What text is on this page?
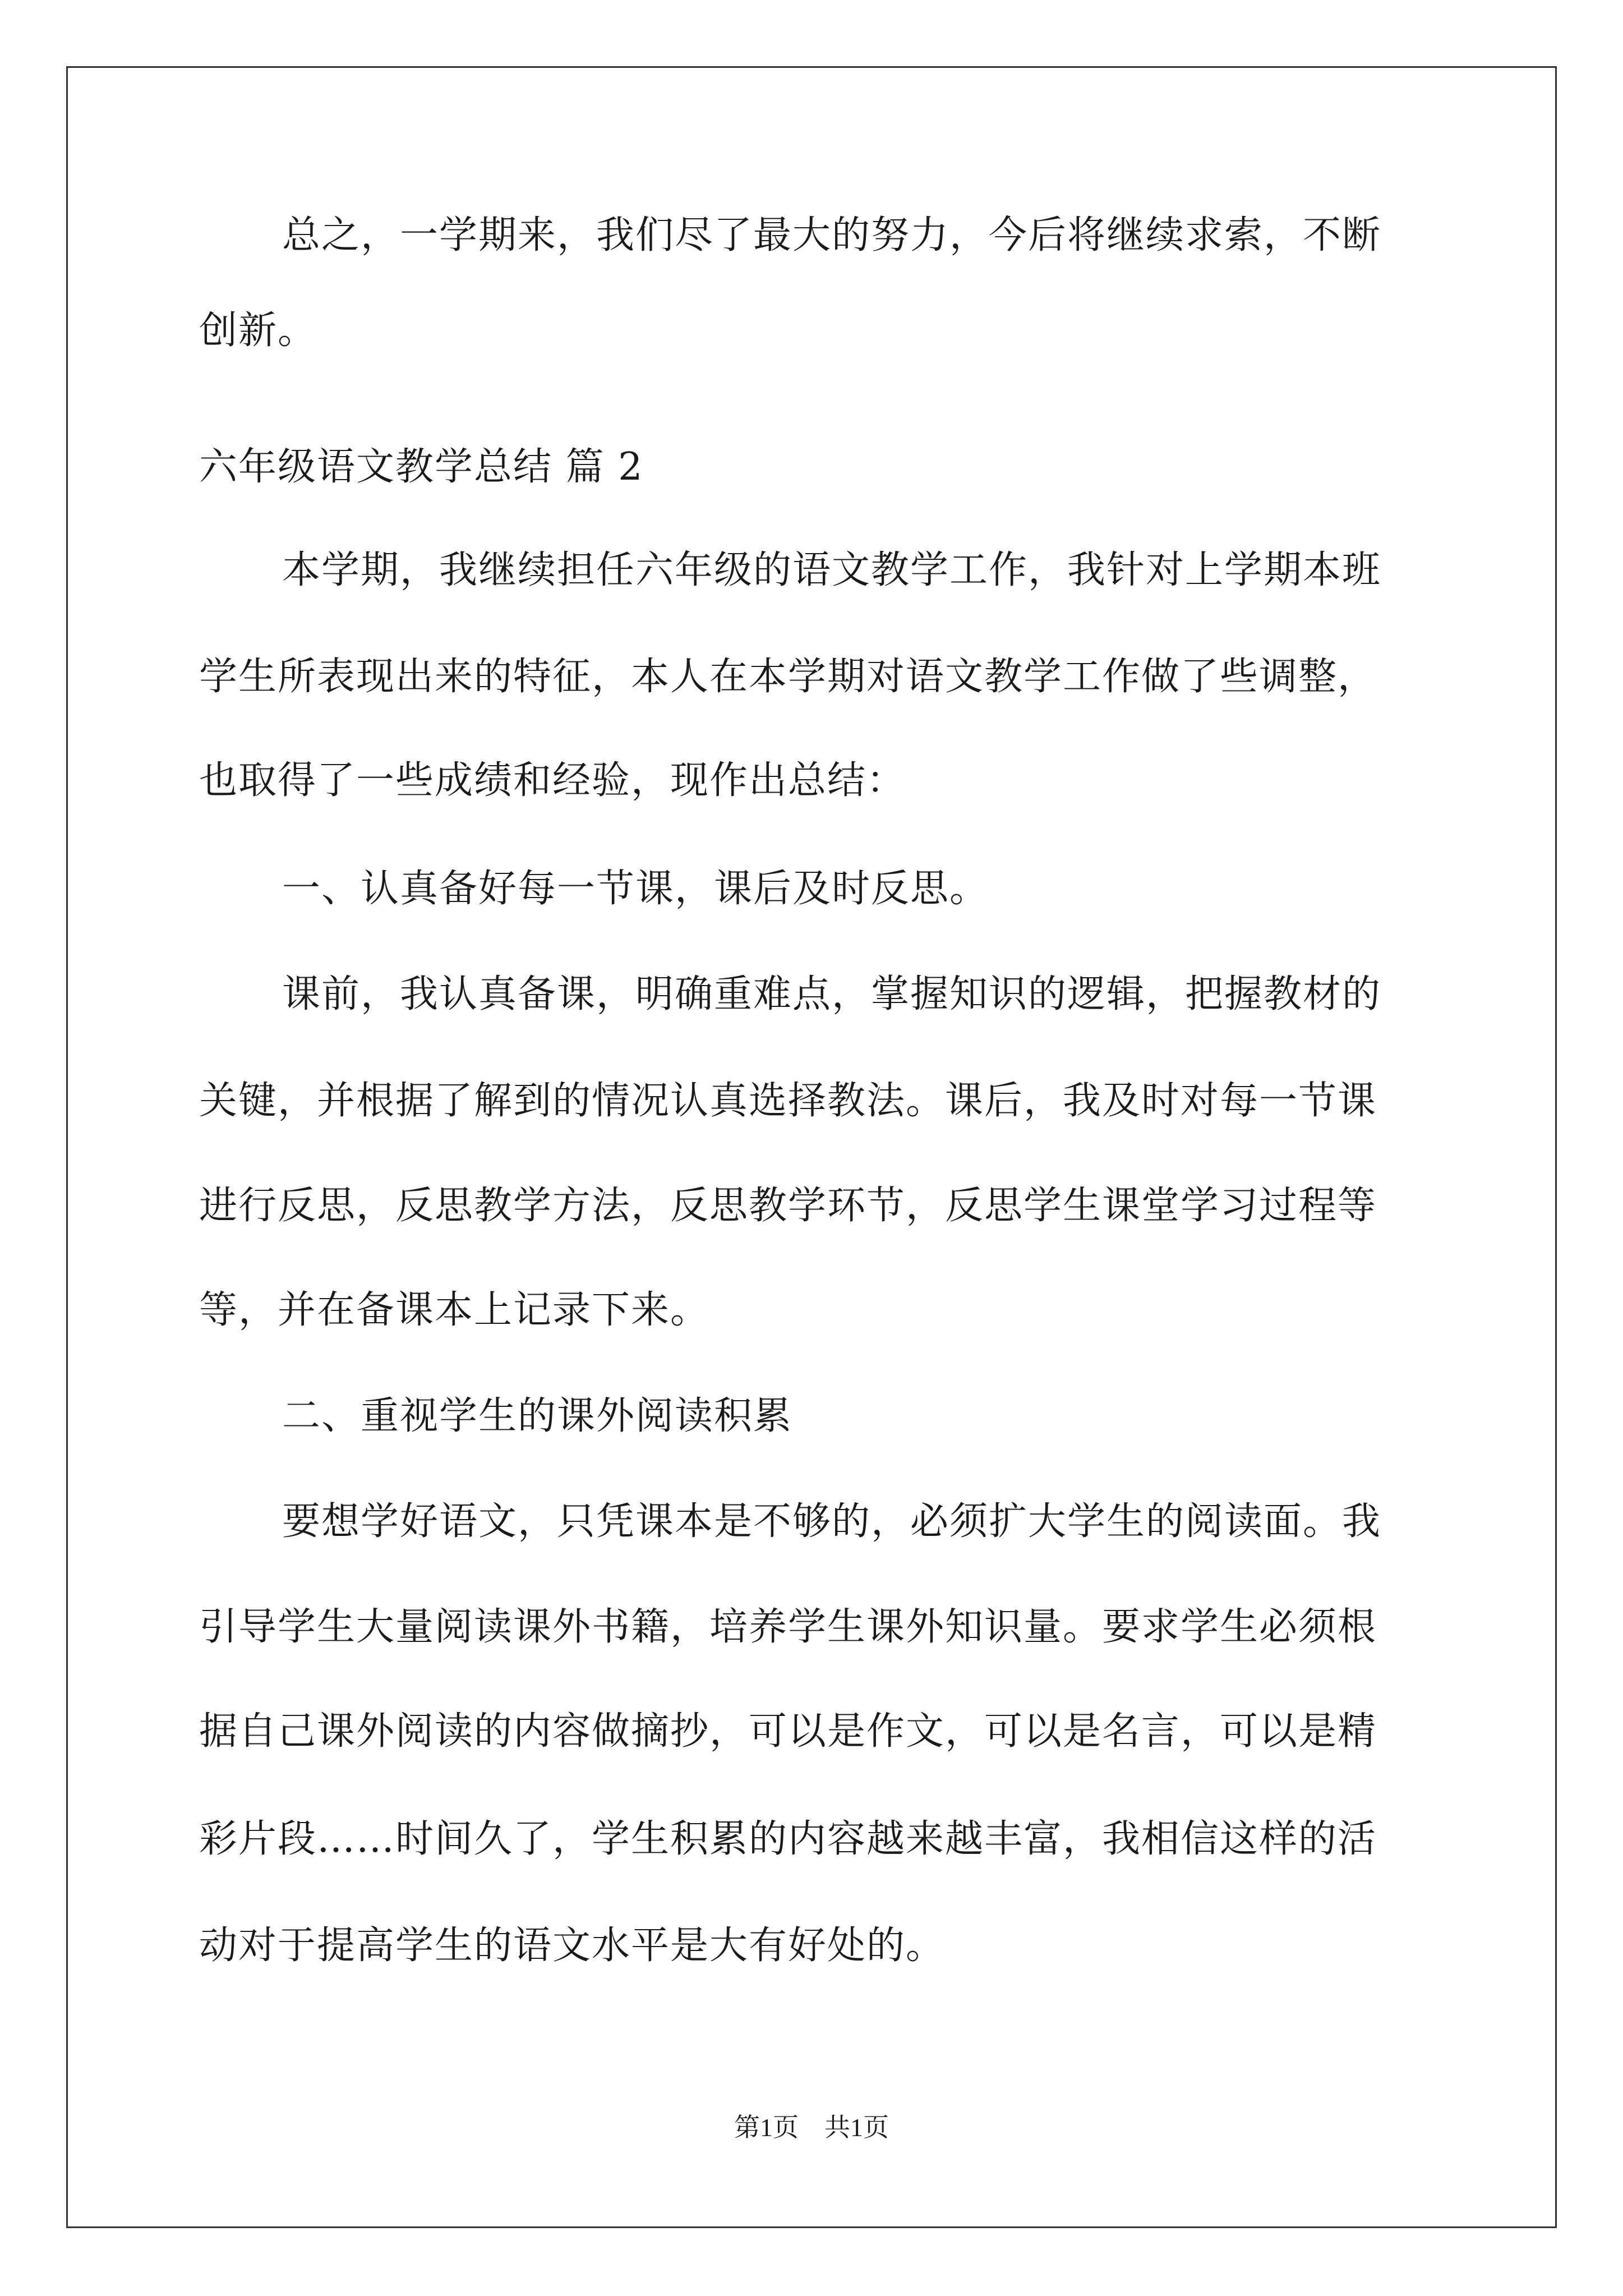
总之，一学期来，我们尽了最大的努力，今后将继续求索，不断
创新。
六年级语文教学总结 篇 2
本学期，我继续担任六年级的语文教学工作，我针对上学期本班
学生所表现出来的特征，本人在本学期对语文教学工作做了些调整，
也取得了一些成绩和经验，现作出总结：
一、认真备好每一节课，课后及时反思。
课前，我认真备课，明确重难点，掌握知识的逻辑，把握教材的
关键，并根据了解到的情况认真选择教法。课后，我及时对每一节课
进行反思，反思教学方法，反思教学环节，反思学生课堂学习过程等
等，并在备课本上记录下来。
二、重视学生的课外阅读积累
要想学好语文，只凭课本是不够的，必须扩大学生的阅读面。我
引导学生大量阅读课外书籍，培养学生课外知识量。要求学生必须根
据自己课外阅读的内容做摘抄，可以是作文，可以是名言，可以是精
彩片段……时间久了，学生积累的内容越来越丰富，我相信这样的活
动对于提高学生的语文水平是大有好处的。
第1页　共1页
